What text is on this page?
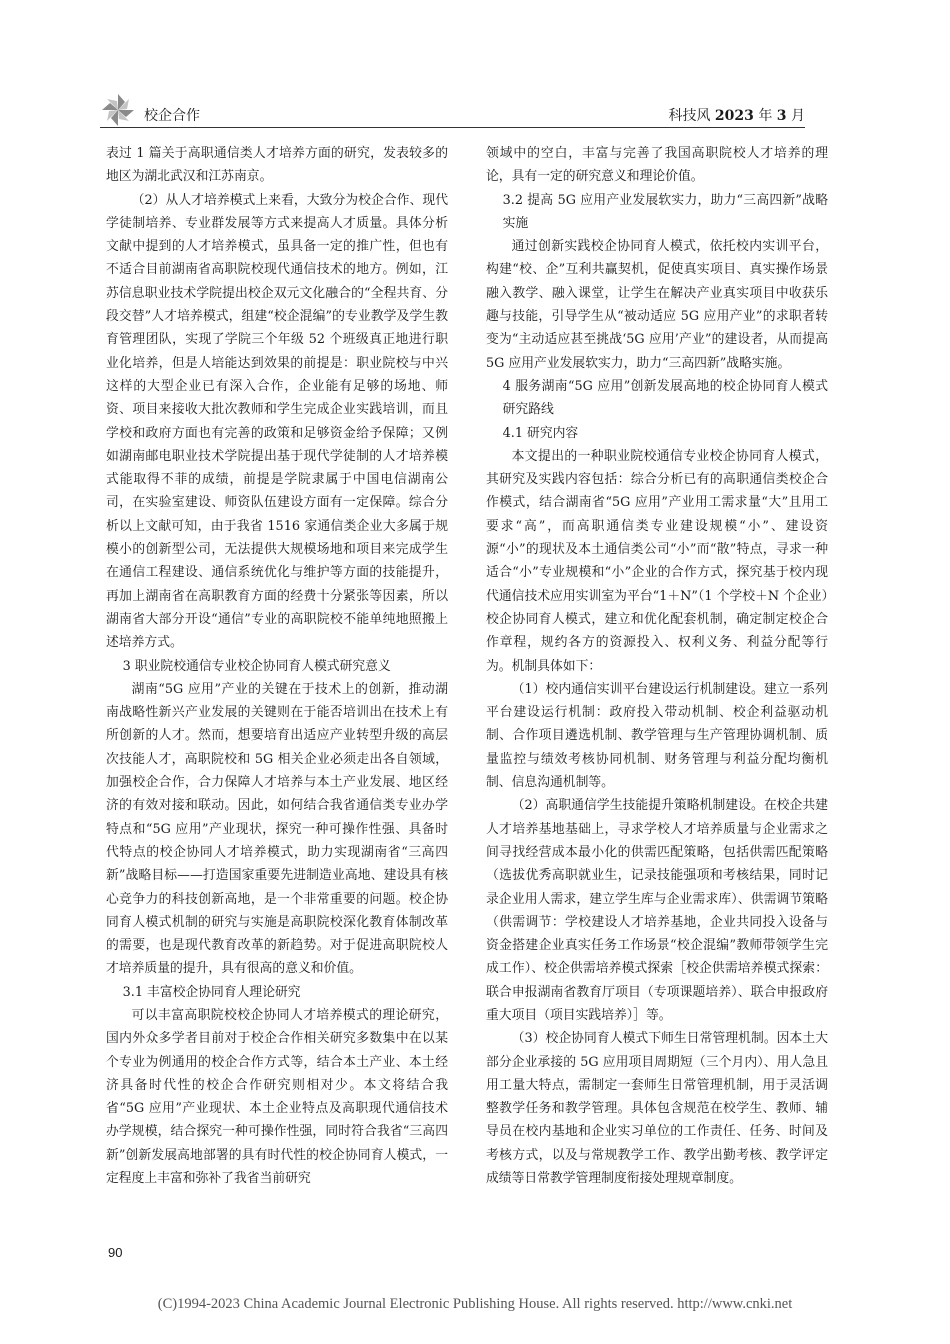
校企合作	科技风 2023 年 3 月

表过 1 篇关于高职通信类人才培养方面的研究，发表较多的地区为湖北武汉和江苏南京。

（2）从人才培养模式上来看，大致分为校企合作、现代学徒制培养、专业群发展等方式来提高人才质量。具体分析文献中提到的人才培养模式，虽具备一定的推广性，但也有不适合目前湖南省高职院校现代通信技术的地方。例如，江苏信息职业技术学院提出校企双元文化融合的“全程共育、分段交替”人才培养模式，组建“校企混编”的专业教学及学生教育管理团队，实现了学院三个年级 52 个班级真正地进行职业化培养，但是人培能达到效果的前提是：职业院校与中兴这样的大型企业已有深入合作，企业能有足够的场地、师资、项目来接收大批次教师和学生完成企业实践培训，而且学校和政府方面也有完善的政策和足够资金给予保障；又例如湖南邮电职业技术学院提出基于现代学徒制的人才培养模式能取得不菲的成绩，前提是学院隶属于中国电信湖南公司，在实验室建设、师资队伍建设方面有一定保障。综合分析以上文献可知，由于我省 1516 家通信类企业大多属于规模小的创新型公司，无法提供大规模场地和项目来完成学生在通信工程建设、通信系统优化与维护等方面的技能提升，再加上湖南省在高职教育方面的经费十分紧张等因素，所以湖南省大部分开设“通信”专业的高职院校不能单纯地照搬上述培养方式。

3 职业院校通信专业校企协同育人模式研究意义

湖南“5G 应用”产业的关键在于技术上的创新，推动湖南战略性新兴产业发展的关键则在于能否培训出在技术上有所创新的人才。然而，想要培育出适应产业转型升级的高层次技能人才，高职院校和 5G 相关企业必须走出各自领域，加强校企合作，合力保障人才培养与本土产业发展、地区经济的有效对接和联动。因此，如何结合我省通信类专业办学特点和“5G 应用”产业现状，探究一种可操作性强、具备时代特点的校企协同人才培养模式，助力实现湖南省“三高四新”战略目标——打造国家重要先进制造业高地、建设具有核心竞争力的科技创新高地，是一个非常重要的问题。校企协同育人模式机制的研究与实施是高职院校深化教育体制改革的需要，也是现代教育改革的新趋势。对于促进高职院校人才培养质量的提升，具有很高的意义和价值。

3.1 丰富校企协同育人理论研究

可以丰富高职院校校企协同人才培养模式的理论研究，国内外众多学者目前对于校企合作相关研究多数集中在以某个专业为例通用的校企合作方式等，结合本土产业、本土经济具备时代性的校企合作研究则相对少。本文将结合我省“5G 应用”产业现状、本土企业特点及高职现代通信技术办学规模，结合探究一种可操作性强，同时符合我省“三高四新”创新发展高地部署的具有时代性的校企协同育人模式，一定程度上丰富和弥补了我省当前研究

领域中的空白，丰富与完善了我国高职院校人才培养的理论，具有一定的研究意义和理论价值。

3.2 提高 5G 应用产业发展软实力，助力“三高四新”战略实施

通过创新实践校企协同育人模式，依托校内实训平台，构建“校、企”互利共赢契机，促使真实项目、真实操作场景融入教学、融入课堂，让学生在解决产业真实项目中收获乐趣与技能，引导学生从“被动适应 5G 应用产业”的求职者转变为“主动适应甚至挑战‘5G 应用’产业”的建设者，从而提高 5G 应用产业发展软实力，助力“三高四新”战略实施。

4 服务湖南“5G 应用”创新发展高地的校企协同育人模式研究路线

4.1 研究内容

本文提出的一种职业院校通信专业校企协同育人模式，其研究及实践内容包括：综合分析已有的高职通信类校企合作模式，结合湖南省“5G 应用”产业用工需求量“大”且用工要求“高”，而高职通信类专业建设规模“小”、建设资源“小”的现状及本土通信类公司“小”而“散”特点，寻求一种适合“小”专业规模和“小”企业的合作方式，探究基于校内现代通信技术应用实训室为平台“1＋N”（1 个学校＋N 个企业）校企协同育人模式，建立和优化配套机制，确定制定校企合作章程，规约各方的资源投入、权利义务、利益分配等行为。机制具体如下：

（1）校内通信实训平台建设运行机制建设。建立一系列平台建设运行机制：政府投入带动机制、校企利益驱动机制、合作项目遴选机制、教学管理与生产管理协调机制、质量监控与绩效考核协同机制、财务管理与利益分配均衡机制、信息沟通机制等。

（2）高职通信学生技能提升策略机制建设。在校企共建人才培养基地基础上，寻求学校人才培养质量与企业需求之间寻找经营成本最小化的供需匹配策略，包括供需匹配策略（选拔优秀高职就业生，记录技能强项和考核结果，同时记录企业用人需求，建立学生库与企业需求库）、供需调节策略（供需调节：学校建设人才培养基地，企业共同投入设备与资金搭建企业真实任务工作场景“校企混编”教师带领学生完成工作）、校企供需培养模式探索［校企供需培养模式探索：联合申报湖南省教育厅项目（专项课题培养）、联合申报政府重大项目（项目实践培养）］等。

（3）校企协同育人模式下师生日常管理机制。因本土大部分企业承接的 5G 应用项目周期短（三个月内）、用人急且用工量大特点，需制定一套师生日常管理机制，用于灵活调整教学任务和教学管理。具体包含规范在校学生、教师、辅导员在校内基地和企业实习单位的工作责任、任务、时间及考核方式，以及与常规教学工作、教学出勤考核、教学评定成绩等日常教学管理制度衔接处理规章制度。

90
(C)1994-2023 China Academic Journal Electronic Publishing House. All rights reserved. http://www.cnki.net
